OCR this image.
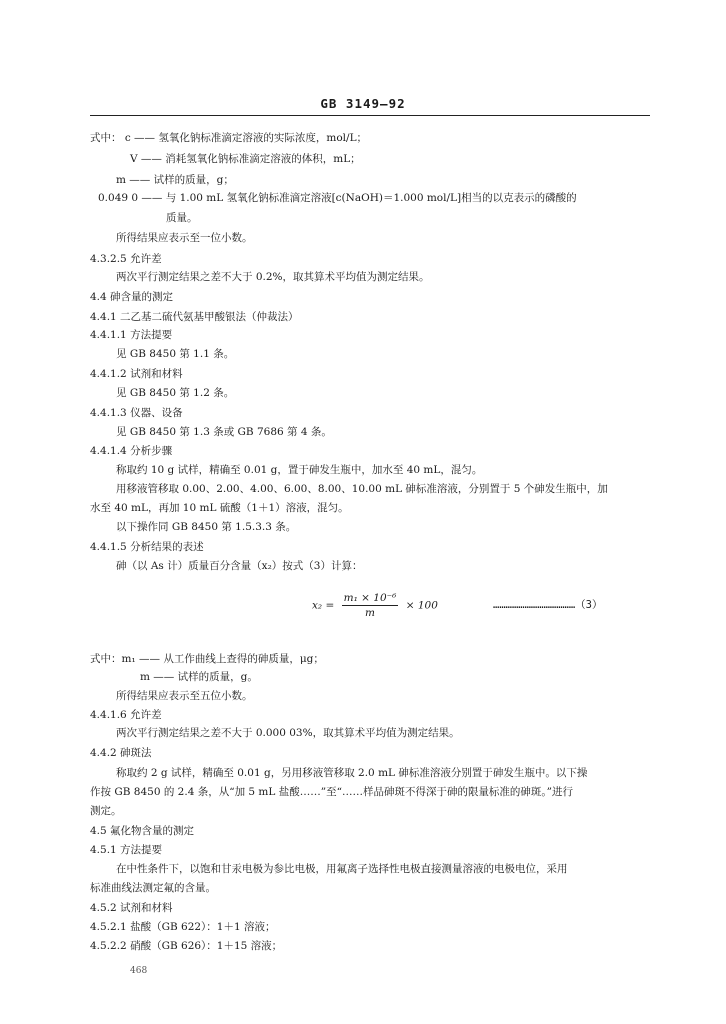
GB 3149—92
式中： c —— 氢氧化钠标准滴定溶液的实际浓度，mol/L；
V —— 消耗氢氧化钠标准滴定溶液的体积，mL；
m —— 试样的质量，g；
0.049 0 —— 与 1.00 mL 氢氧化钠标准滴定溶液[c(NaOH)＝1.000 mol/L]相当的以克表示的磷酸的
质量。
所得结果应表示至一位小数。
4.3.2.5 允许差
两次平行测定结果之差不大于 0.2%，取其算术平均值为测定结果。
4.4 砷含量的测定
4.4.1 二乙基二硫代氨基甲酸银法（仲裁法）
4.4.1.1 方法提要
见 GB 8450 第 1.1 条。
4.4.1.2 试剂和材料
见 GB 8450 第 1.2 条。
4.4.1.3 仪器、设备
见 GB 8450 第 1.3 条或 GB 7686 第 4 条。
4.4.1.4 分析步骤
称取约 10 g 试样，精确至 0.01 g，置于砷发生瓶中，加水至 40 mL，混匀。
用移液管移取 0.00、2.00、4.00、6.00、8.00、10.00 mL 砷标准溶液，分别置于 5 个砷发生瓶中，加
水至 40 mL，再加 10 mL 硫酸（1＋1）溶液，混匀。
以下操作同 GB 8450 第 1.5.3.3 条。
4.4.1.5 分析结果的表述
砷（以 As 计）质量百分含量（x₂）按式（3）计算：
式中：m₁ —— 从工作曲线上查得的砷质量，μg；
m —— 试样的质量，g。
所得结果应表示至五位小数。
4.4.1.6 允许差
两次平行测定结果之差不大于 0.000 03%，取其算术平均值为测定结果。
4.4.2 砷斑法
称取约 2 g 试样，精确至 0.01 g，另用移液管移取 2.0 mL 砷标准溶液分别置于砷发生瓶中。以下操
作按 GB 8450 的 2.4 条，从“加 5 mL 盐酸……”至“……样品砷斑不得深于砷的限量标准的砷斑。”进行
测定。
4.5 氟化物含量的测定
4.5.1 方法提要
在中性条件下，以饱和甘汞电极为参比电极，用氟离子选择性电极直接测量溶液的电极电位，采用
标准曲线法测定氟的含量。
4.5.2 试剂和材料
4.5.2.1 盐酸（GB 622）：1＋1 溶液；
4.5.2.2 硝酸（GB 626）：1＋15 溶液；
$x_2 = \frac{\text{m₁ × 10⁻⁶}}{m} \times 100$	…………………………………（3）
468
